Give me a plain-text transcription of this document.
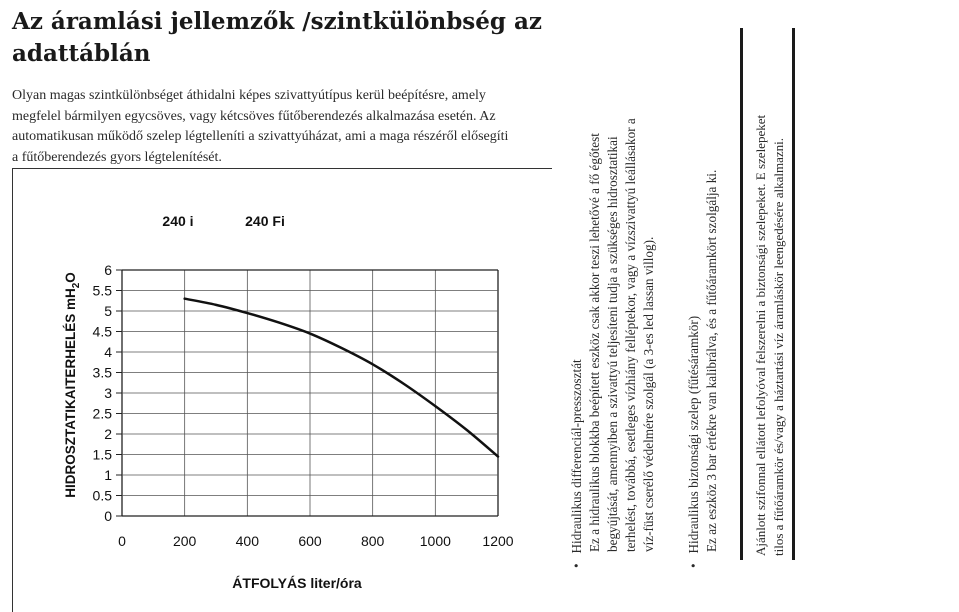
Az áramlási jellemzők /szintkülönbség az
adattáblán

Olyan magas szintkülönbséget áthidalni képes szivattyútípus kerül beépítésre, amely

megfelel bármilyen egycsöves, vagy kétcsöves fűtőberendezés alkalmazása esetén. Az

automatikusan működő szelep légtelleníti a szivattyúházat, ami a maga részéről elősegíti

a fűtőberendezés gyors légtelenítését.

240 i	240 Fi
0	200	400	600	800	1000 1200
0
0.5
1
1.5
2
2.5
3
3.5
4
4.5
5
5.5
6
ÁTFOLYÁS liter/óra
HIDROSZTATIKAITERHELÉS $mH_2O$

•   Hidraulikus differenciál-presszosztát Ez a hidraulikus blokkba beépített eszköz csak akkor teszi lehetővé a fő égőtest begyújtását, amennyiben a szivattyú teljesíteni tudja a szükséges hidrosztatikai terhelést, továbbá, esetleges vízhiány felléptekor, vagy a vízszivattyú leállásakor a víz-füst cserélő védelmére szolgál (a 3-es led lassan villog).

•   Hidraulikus biztonsági szelep (fűtésáramkör) Ez az eszköz 3 bar értékre van kalibrálva, és a fűtőáramkört szolgálja ki.	Ajánlott szifonnal ellátott lefolyóval felszerelni a biztonsági szelepeket. E szelepeket tilos a fűtőáramkör és/vagy a háztartási víz áramláskör leengedésére alkalmazni.
